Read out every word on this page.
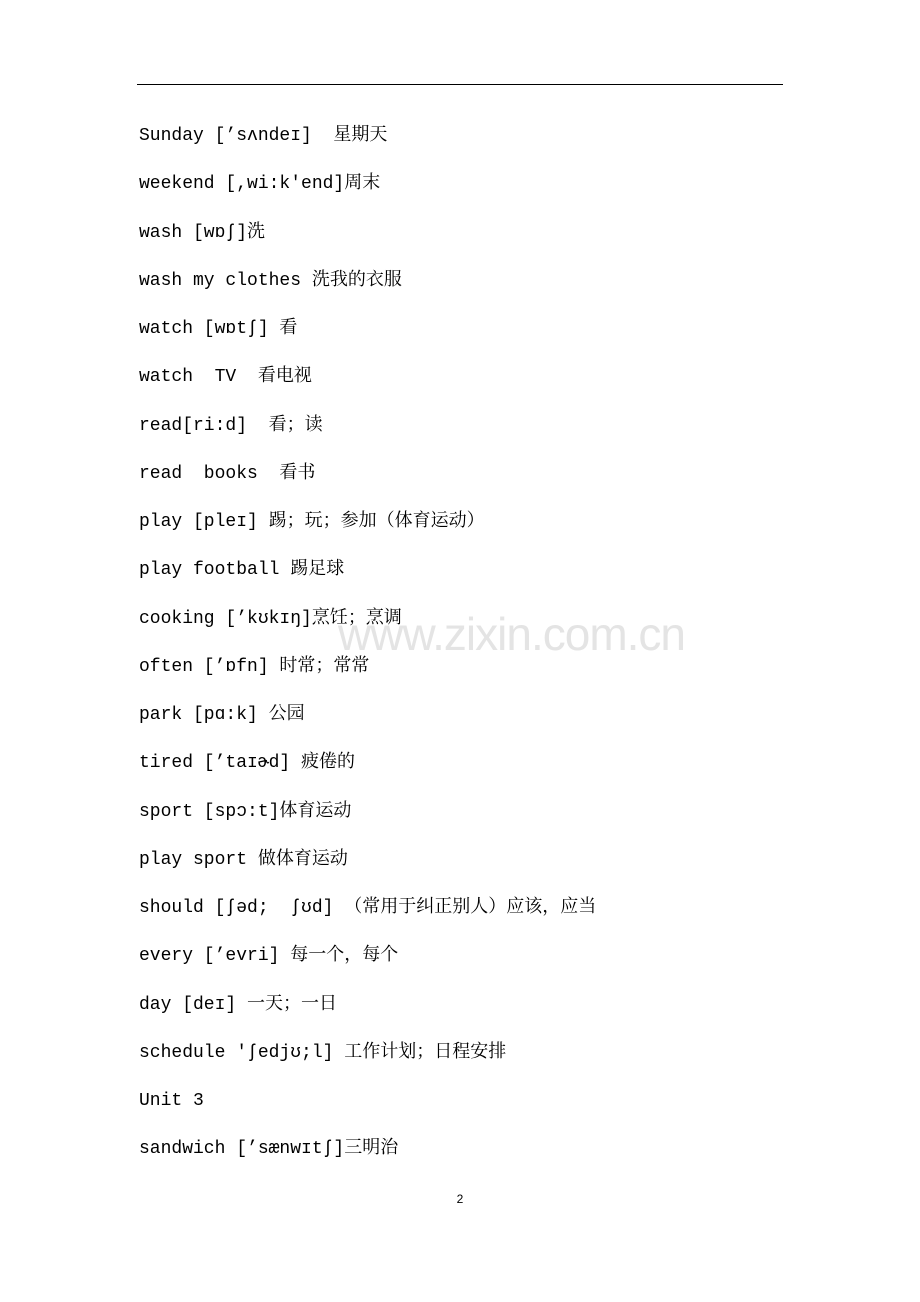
www.zixin.com.cn
Sunday [’sʌndeɪ]  星期天
weekend [,wi:k'end]周末
wash [wɒʃ]洗
wash my clothes 洗我的衣服
watch [wɒtʃ] 看
watch  TV  看电视
read[ri:d]  看；读
read  books  看书
play [pleɪ] 踢；玩；参加（体育运动）
play football 踢足球
cooking [’kʊkɪŋ]烹饪；烹调
often [’ɒfn] 时常；常常
park [pɑ:k] 公园
tired [’taɪɚd] 疲倦的
sport [spɔ:t]体育运动
play sport 做体育运动
should [ʃəd;  ʃʊd] （常用于纠正别人）应该，应当
every [’evri] 每一个，每个
day [deɪ] 一天；一日
schedule 'ʃedjʊ;l] 工作计划；日程安排
Unit 3
sandwich [’sænwɪtʃ]三明治
2
